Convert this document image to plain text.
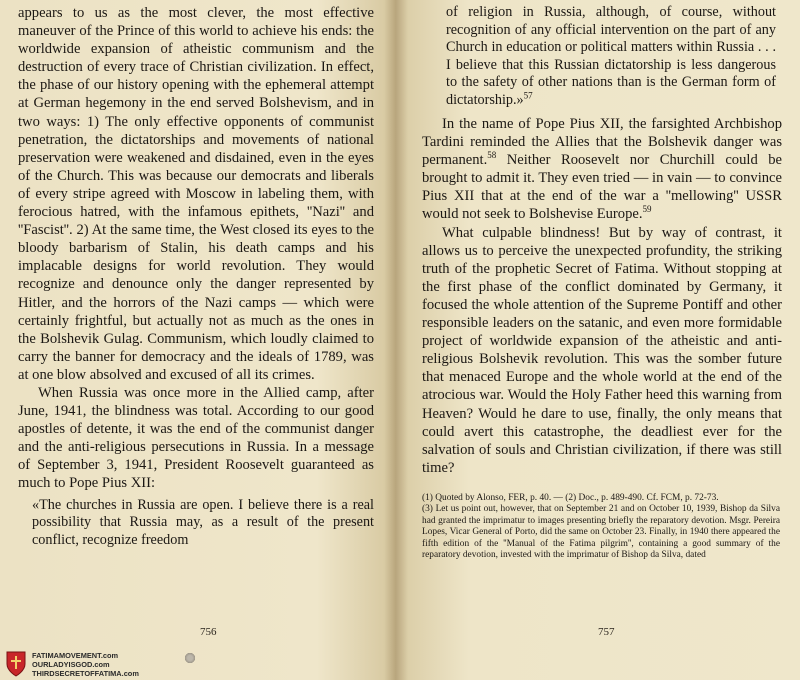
appears to us as the most clever, the most effective maneuver of the Prince of this world to achieve his ends: the worldwide expansion of atheistic communism and the destruction of every trace of Christian civilization. In effect, the phase of our history opening with the ephemeral attempt at German hegemony in the end served Bolshevism, and in two ways: 1) The only effective opponents of communist penetration, the dictatorships and movements of national preservation were weakened and disdained, even in the eyes of the Church. This was because our democrats and liberals of every stripe agreed with Moscow in labeling them, with ferocious hatred, with the infamous epithets, ''Nazi'' and ''Fascist''. 2) At the same time, the West closed its eyes to the bloody barbarism of Stalin, his death camps and his implacable designs for world revolution. They would recognize and denounce only the danger represented by Hitler, and the horrors of the Nazi camps — which were certainly frightful, but actually not as much as the ones in the Bolshevik Gulag. Communism, which loudly claimed to carry the banner for democracy and the ideals of 1789, was at one blow absolved and excused of all its crimes.

When Russia was once more in the Allied camp, after June, 1941, the blindness was total. According to our good apostles of detente, it was the end of the communist danger and the anti-religious persecutions in Russia. In a message of September 3, 1941, President Roosevelt guaranteed as much to Pope Pius XII:

«The churches in Russia are open. I believe there is a real possibility that Russia may, as a result of the present conflict, recognize freedom

756
FATIMAMOVEMENT.com
OURLADYISGOD.com
THIRDSECRETOFFATIMA.com

of religion in Russia, although, of course, without recognition of any official intervention on the part of any Church in education or political matters within Russia . . . I believe that this Russian dictatorship is less dangerous to the safety of other nations than is the German form of dictatorship.»$^{57}$

In the name of Pope Pius XII, the farsighted Archbishop Tardini reminded the Allies that the Bolshevik danger was permanent.$^{58}$ Neither Roosevelt nor Churchill could be brought to admit it. They even tried — in vain — to convince Pius XII that at the end of the war a ''mellowing'' USSR would not seek to Bolshevise Europe.$^{59}$

What culpable blindness! But by way of contrast, it allows us to perceive the unexpected profundity, the striking truth of the prophetic Secret of Fatima. Without stopping at the first phase of the conflict dominated by Germany, it focused the whole attention of the Supreme Pontiff and other responsible leaders on the satanic, and even more formidable project of worldwide expansion of the atheistic and anti-religious Bolshevik revolution. This was the somber future that menaced Europe and the whole world at the end of the atrocious war. Would the Holy Father heed this warning from Heaven? Would he dare to use, finally, the only means that could avert this catastrophe, the deadliest ever for the salvation of souls and Christian civilization, if there was still time?

(1) Quoted by Alonso, FER, p. 40. — (2) Doc., p. 489-490. Cf. FCM, p. 72-73.
(3) Let us point out, however, that on September 21 and on October 10, 1939, Bishop da Silva had granted the imprimatur to images presenting briefly the reparatory devotion. Msgr. Pereira Lopes, Vicar General of Porto, did the same on October 23. Finally, in 1940 there appeared the fifth edition of the ''Manual of the Fatima pilgrim'', containing a good summary of the reparatory devotion, invested with the imprimatur of Bishop da Silva, dated
757
